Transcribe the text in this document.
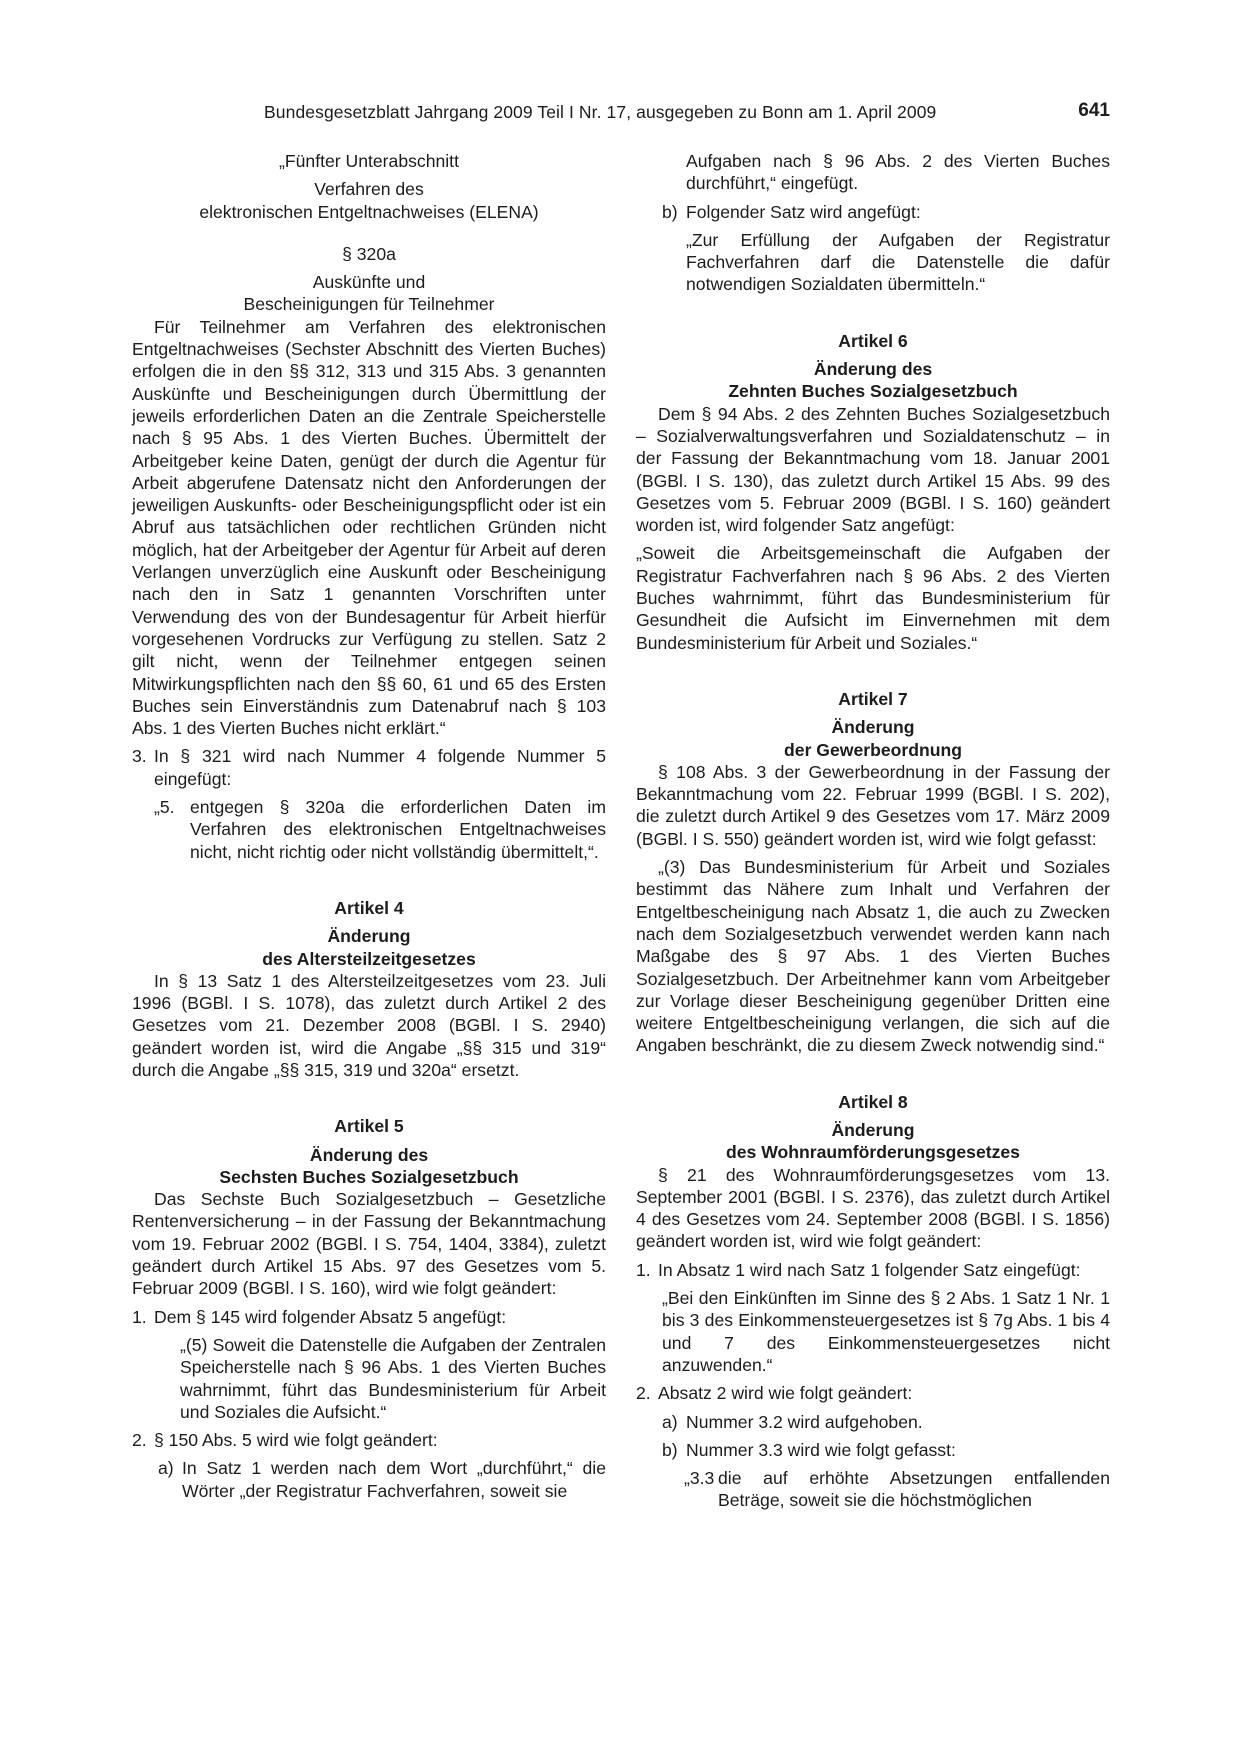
Bundesgesetzblatt Jahrgang 2009 Teil I Nr. 17, ausgegeben zu Bonn am 1. April 2009	641

„Fünfter Unterabschnitt

Verfahren des

elektronischen Entgeltnachweises (ELENA)

§ 320a

Auskünfte und

Bescheinigungen für Teilnehmer

Für Teilnehmer am Verfahren des elektronischen Entgeltnachweises (Sechster Abschnitt des Vierten Buches) erfolgen die in den §§ 312, 313 und 315 Abs. 3 genannten Auskünfte und Bescheinigungen durch Übermittlung der jeweils erforderlichen Daten an die Zentrale Speicherstelle nach § 95 Abs. 1 des Vierten Buches. Übermittelt der Arbeitgeber keine Daten, genügt der durch die Agentur für Arbeit abgerufene Datensatz nicht den Anforderungen der jeweiligen Auskunfts- oder Bescheinigungspflicht oder ist ein Abruf aus tatsächlichen oder rechtlichen Gründen nicht möglich, hat der Arbeitgeber der Agentur für Arbeit auf deren Verlangen unverzüglich eine Auskunft oder Bescheinigung nach den in Satz 1 genannten Vorschriften unter Verwendung des von der Bundesagentur für Arbeit hierfür vorgesehenen Vordrucks zur Verfügung zu stellen. Satz 2 gilt nicht, wenn der Teilnehmer entgegen seinen Mitwirkungspflichten nach den §§ 60, 61 und 65 des Ersten Buches sein Einverständnis zum Datenabruf nach § 103 Abs. 1 des Vierten Buches nicht erklärt.“

3. In § 321 wird nach Nummer 4 folgende Nummer 5 eingefügt:
„5. entgegen § 320a die erforderlichen Daten im Verfahren des elektronischen Entgeltnachweises nicht, nicht richtig oder nicht vollständig übermittelt,“.

Artikel 4

Änderung

des Altersteilzeitgesetzes

In § 13 Satz 1 des Altersteilzeitgesetzes vom 23. Juli 1996 (BGBl. I S. 1078), das zuletzt durch Artikel 2 des Gesetzes vom 21. Dezember 2008 (BGBl. I S. 2940) geändert worden ist, wird die Angabe „§§ 315 und 319“ durch die Angabe „§§ 315, 319 und 320a“ ersetzt.

Artikel 5

Änderung des

Sechsten Buches Sozialgesetzbuch

Das Sechste Buch Sozialgesetzbuch – Gesetzliche Rentenversicherung – in der Fassung der Bekanntmachung vom 19. Februar 2002 (BGBl. I S. 754, 1404, 3384), zuletzt geändert durch Artikel 15 Abs. 97 des Gesetzes vom 5. Februar 2009 (BGBl. I S. 160), wird wie folgt geändert:

1. Dem § 145 wird folgender Absatz 5 angefügt:

„(5) Soweit die Datenstelle die Aufgaben der Zentralen Speicherstelle nach § 96 Abs. 1 des Vierten Buches wahrnimmt, führt das Bundesministerium für Arbeit und Soziales die Aufsicht.“

2. § 150 Abs. 5 wird wie folgt geändert:
a) In Satz 1 werden nach dem Wort „durchführt,“ die Wörter „der Registratur Fachverfahren, soweit sie

Aufgaben nach § 96 Abs. 2 des Vierten Buches durchführt,“ eingefügt.

b) Folgender Satz wird angefügt:

„Zur Erfüllung der Aufgaben der Registratur Fachverfahren darf die Datenstelle die dafür notwendigen Sozialdaten übermitteln.“

Artikel 6

Änderung des

Zehnten Buches Sozialgesetzbuch

Dem § 94 Abs. 2 des Zehnten Buches Sozialgesetzbuch – Sozialverwaltungsverfahren und Sozialdatenschutz – in der Fassung der Bekanntmachung vom 18. Januar 2001 (BGBl. I S. 130), das zuletzt durch Artikel 15 Abs. 99 des Gesetzes vom 5. Februar 2009 (BGBl. I S. 160) geändert worden ist, wird folgender Satz angefügt:

„Soweit die Arbeitsgemeinschaft die Aufgaben der Registratur Fachverfahren nach § 96 Abs. 2 des Vierten Buches wahrnimmt, führt das Bundesministerium für Gesundheit die Aufsicht im Einvernehmen mit dem Bundesministerium für Arbeit und Soziales.“

Artikel 7

Änderung

der Gewerbeordnung

§ 108 Abs. 3 der Gewerbeordnung in der Fassung der Bekanntmachung vom 22. Februar 1999 (BGBl. I S. 202), die zuletzt durch Artikel 9 des Gesetzes vom 17. März 2009 (BGBl. I S. 550) geändert worden ist, wird wie folgt gefasst:

„(3) Das Bundesministerium für Arbeit und Soziales bestimmt das Nähere zum Inhalt und Verfahren der Entgeltbescheinigung nach Absatz 1, die auch zu Zwecken nach dem Sozialgesetzbuch verwendet werden kann nach Maßgabe des § 97 Abs. 1 des Vierten Buches Sozialgesetzbuch. Der Arbeitnehmer kann vom Arbeitgeber zur Vorlage dieser Bescheinigung gegenüber Dritten eine weitere Entgeltbescheinigung verlangen, die sich auf die Angaben beschränkt, die zu diesem Zweck notwendig sind.“

Artikel 8

Änderung

des Wohnraumförderungsgesetzes

§ 21 des Wohnraumförderungsgesetzes vom 13. September 2001 (BGBl. I S. 2376), das zuletzt durch Artikel 4 des Gesetzes vom 24. September 2008 (BGBl. I S. 1856) geändert worden ist, wird wie folgt geändert:

1. In Absatz 1 wird nach Satz 1 folgender Satz eingefügt:

„Bei den Einkünften im Sinne des § 2 Abs. 1 Satz 1 Nr. 1 bis 3 des Einkommensteuergesetzes ist § 7g Abs. 1 bis 4 und 7 des Einkommensteuergesetzes nicht anzuwenden.“

2. Absatz 2 wird wie folgt geändert:
a) Nummer 3.2 wird aufgehoben.
b) Nummer 3.3 wird wie folgt gefasst:
„3.3 die auf erhöhte Absetzungen entfallenden Beträge, soweit sie die höchstmöglichen
